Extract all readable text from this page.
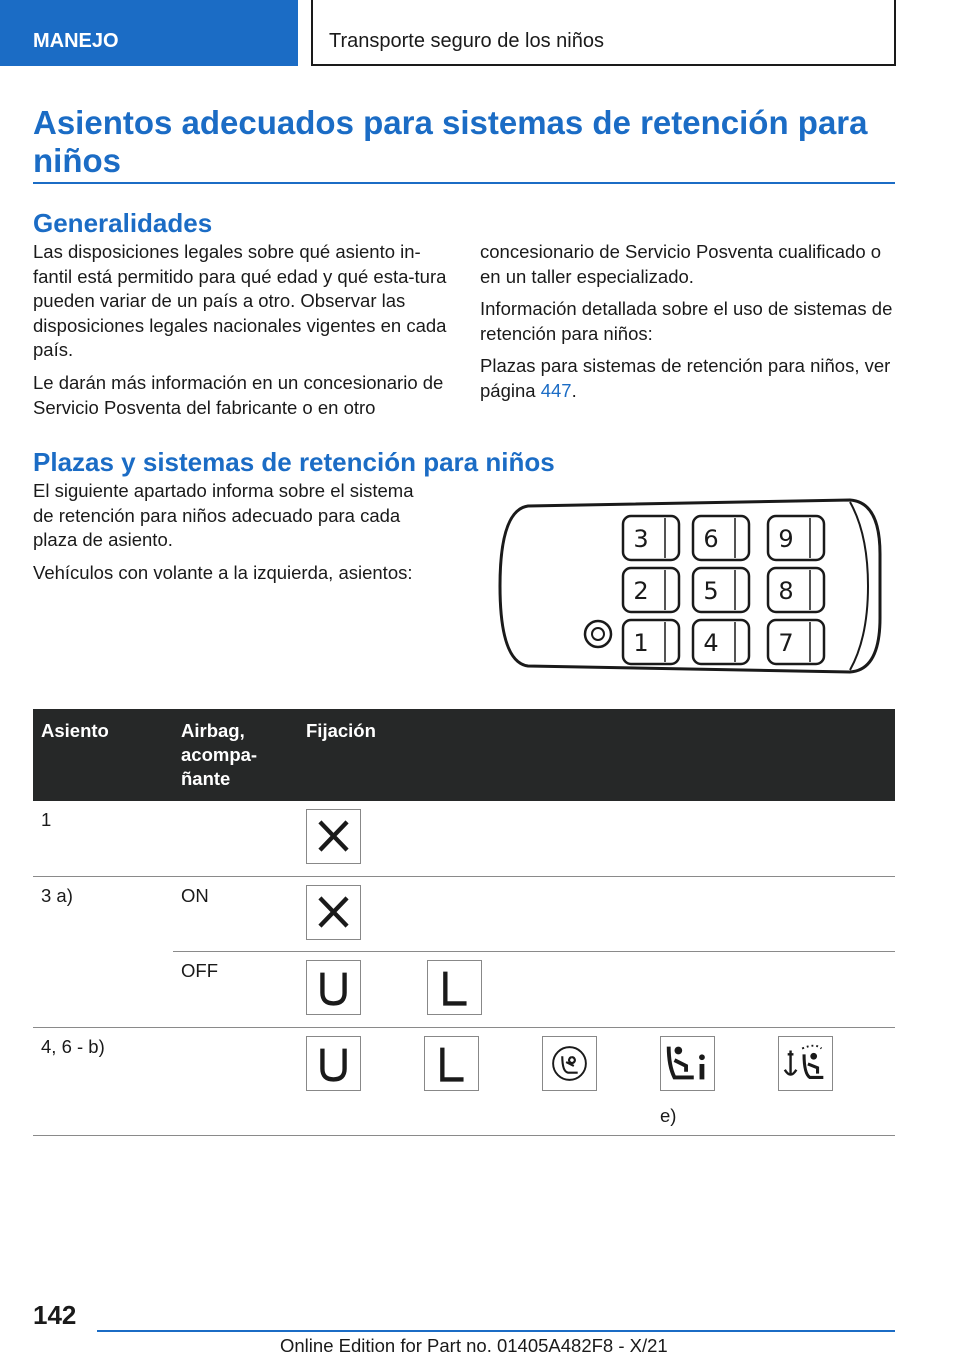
MANEJO	Transporte seguro de los niños
Asientos adecuados para sistemas de retención para niños
Generalidades
Las disposiciones legales sobre qué asiento in-fantil está permitido para qué edad y qué esta-tura pueden variar de un país a otro. Observar las disposiciones legales nacionales vigentes en cada país.
Le darán más información en un concesionario de Servicio Posventa del fabricante o en otro
concesionario de Servicio Posventa cualificado o en un taller especializado.
Información detallada sobre el uso de sistemas de retención para niños:
Plazas para sistemas de retención para niños, ver página 447.
Plazas y sistemas de retención para niños
El siguiente apartado informa sobre el sistema de retención para niños adecuado para cada plaza de asiento.
Vehículos con volante a la izquierda, asientos:
3 6 9
2 5 8
1 4 7
Asiento	Airbag,
acompa-
ñante	Fijación
1		

3 a)	ON	

	OFF	

4, 6 - b)		e)
142
Online Edition for Part no. 01405A482F8 - X/21
